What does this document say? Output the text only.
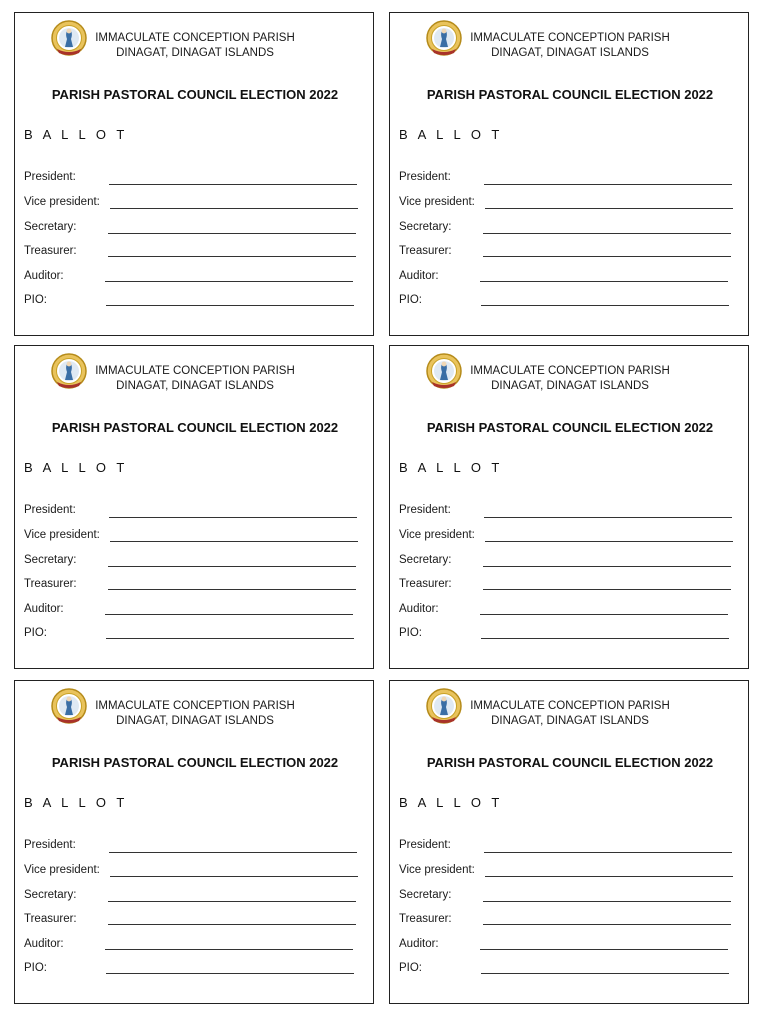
IMMACULATE CONCEPTION PARISH
DINAGAT, DINAGAT ISLANDS
PARISH PASTORAL COUNCIL ELECTION 2022
B A L L O T
President:
Vice president:
Secretary:
Treasurer:
Auditor:
PIO:
IMMACULATE CONCEPTION PARISH
DINAGAT, DINAGAT ISLANDS
PARISH PASTORAL COUNCIL ELECTION 2022
B A L L O T
President:
Vice president:
Secretary:
Treasurer:
Auditor:
PIO:
IMMACULATE CONCEPTION PARISH
DINAGAT, DINAGAT ISLANDS
PARISH PASTORAL COUNCIL ELECTION 2022
B A L L O T
President:
Vice president:
Secretary:
Treasurer:
Auditor:
PIO:
IMMACULATE CONCEPTION PARISH
DINAGAT, DINAGAT ISLANDS
PARISH PASTORAL COUNCIL ELECTION 2022
B A L L O T
President:
Vice president:
Secretary:
Treasurer:
Auditor:
PIO:
IMMACULATE CONCEPTION PARISH
DINAGAT, DINAGAT ISLANDS
PARISH PASTORAL COUNCIL ELECTION 2022
B A L L O T
President:
Vice president:
Secretary:
Treasurer:
Auditor:
PIO:
IMMACULATE CONCEPTION PARISH
DINAGAT, DINAGAT ISLANDS
PARISH PASTORAL COUNCIL ELECTION 2022
B A L L O T
President:
Vice president:
Secretary:
Treasurer:
Auditor:
PIO:
